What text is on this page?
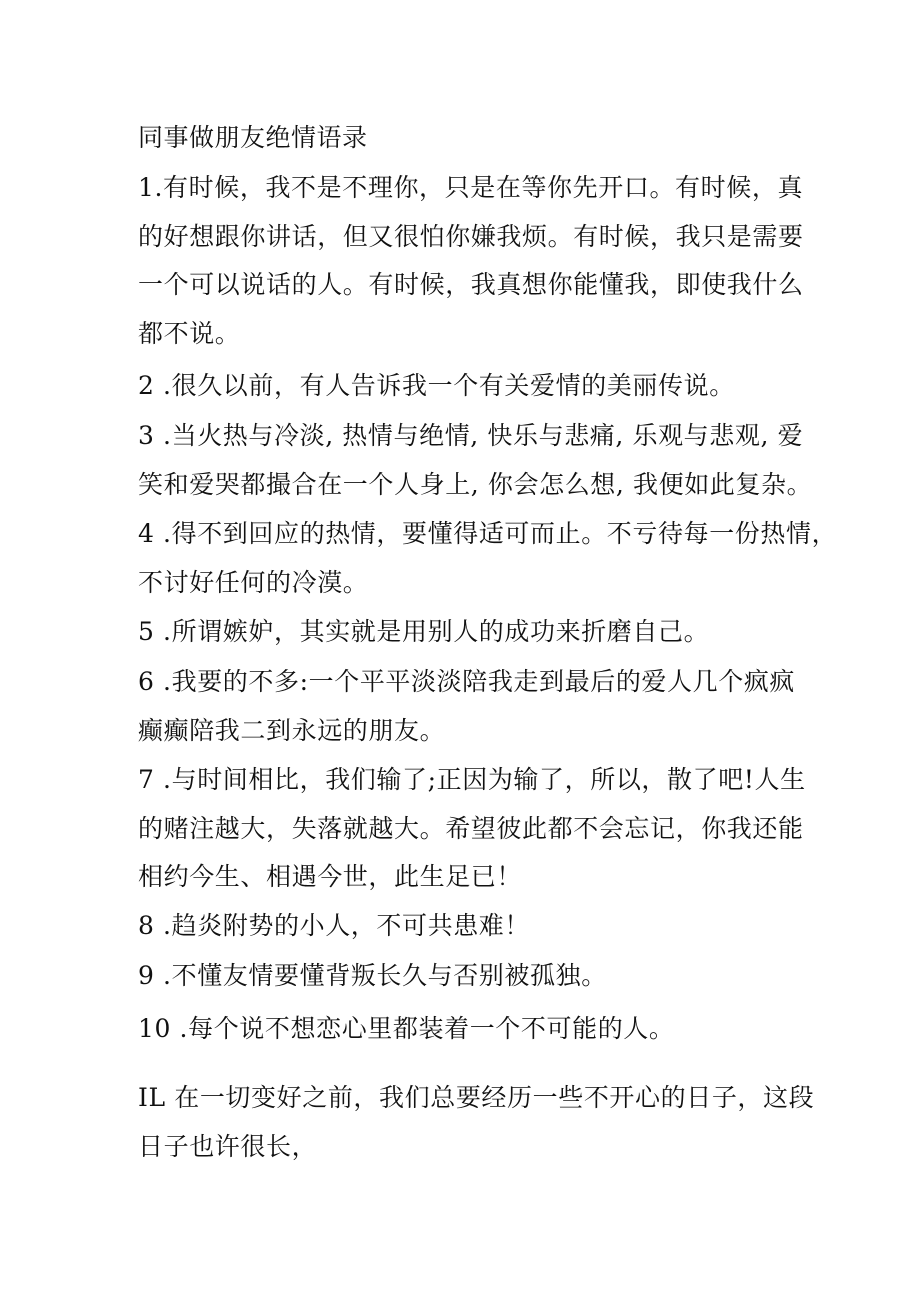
同事做朋友绝情语录
1.有时候，我不是不理你，只是在等你先开口。有时候，真
的好想跟你讲话，但又很怕你嫌我烦。有时候，我只是需要
一个可以说话的人。有时候，我真想你能懂我，即使我什么
都不说。
2 .很久以前，有人告诉我一个有关爱情的美丽传说。
3 .当火热与冷淡, 热情与绝情, 快乐与悲痛, 乐观与悲观, 爱
笑和爱哭都撮合在一个人身上, 你会怎么想, 我便如此复杂。
4 .得不到回应的热情，要懂得适可而止。不亏待每一份热情，
不讨好任何的冷漠。
5 .所谓嫉妒，其实就是用别人的成功来折磨自己。
6 .我要的不多:一个平平淡淡陪我走到最后的爱人几个疯疯
癫癫陪我二到永远的朋友。
7 .与时间相比，我们输了;正因为输了，所以，散了吧!人生
的赌注越大，失落就越大。希望彼此都不会忘记，你我还能
相约今生、相遇今世，此生足已！
8 .趋炎附势的小人，不可共患难！
9 .不懂友情要懂背叛长久与否别被孤独。
10 .每个说不想恋心里都装着一个不可能的人。
IL 在一切变好之前，我们总要经历一些不开心的日子，这段
日子也许很长，
